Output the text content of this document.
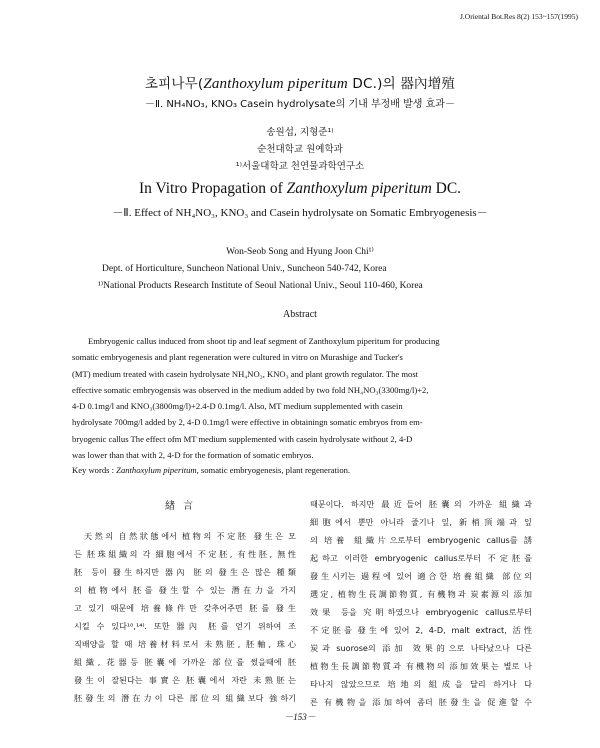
J.Oriental Bot.Res 8(2) 153~157(1995)
초피나무(Zanthoxylum piperitum DC.)의 器內增殖
－Ⅱ. NH₄NO₃, KNO₃ Casein hydrolysate의 기내 부정배 발생 효과－
송원섭, 지형준¹⁾
순천대학교 원예학과
¹⁾서울대학교 천연물과학연구소
In Vitro Propagation of Zanthoxylum piperitum DC.
－Ⅱ. Effect of NH₄NO₃, KNO₃ and Casein hydrolysate on Somatic Embryogenesis－
Won-Seob Song and Hyung Joon Chi¹⁾
Dept. of Horticulture, Suncheon National Univ., Suncheon 540-742, Korea
¹⁾National Products Research Institute of Seoul National Univ., Seoul 110-460, Korea
Abstract
Embryogenic callus induced from shoot tip and leaf segment of Zanthoxylum piperitum for producing
somatic embryogenesis and plant regeneration were cultured in vitro on Murashige and Tucker's
(MT) medium treated with casein hydrolysate NH₄NO₃, KNO₃ and plant growth regulator. The most
effective somatic embryogensis was observed in the medium added by two fold NH₄NO₃(3300mg/l)+2,
4-D 0.1mg/l and KNO₃(3800mg/l)+2.4-D 0.1mg/l. Also, MT medium supplemented with casein
hydrolysate 700mg/l added by 2, 4-D 0.1mg/l were effective in obtainingn somatic embryos from em-
bryogenic callus The effect ofm MT medium supplemented with casein hydrolysate without 2, 4-D
was lower than that with 2, 4-D for the formation of somatic embryos.
Key words : Zanthoxylum piperitum, somatic embryogenesis, plant regeneration.
緖言
天然의 自然狀態에서 植物의 不定胚 發生은 모
든 胚珠組織의 각 細胞에서 不定胚, 有性胚, 無性
胚 등이 發生하지만 器內 胚의 發生은 많은 種類
의 植物에서 胚를 發生할 수 있는 潛在力을 가지
고 있기 때문에 培養條件만 갖추어주면 胚를 發生
시킬 수 있다¹⁰,¹⁴⁾. 또한 器內 胚를 얻기 위하여 조
직배양을 할 때 培養材料로서 未熟胚, 胚軸, 珠心
組織, 花器등 胚囊에 가까운 部位를 썼을때에 胚
發生이 잘된다는 事實은 胚囊에서 자란 未熟胚는
胚發生의 潛在力이 다른 部位의 組織보다 強하기
때문이다. 하지만 最近들어 胚囊의 가까운 組織과
細胞에서 뿐만 아니라 줄기나 잎, 新梢頂端과 잎
의 培養 組織片으로부터 embryogenic callus를 誘
起하고 이러한 embryogenic callus로부터 不定胚를
發生시키는 過程에 있어 適合한 培養組織 部位의
選定, 植物生長調節物質, 有機物과 炭素源의 添加
效果 등을 究明하였으나 embryogenic callus로부터
不定胚를 發生에 있어 2, 4-D, malt extract, 活性
炭과 suorose의 添加 效果的으로 나타났으나 다른
植物生長調節物質과 有機物의 添加效果는 별로 나
타나지 않았으므로 培地의 組成을 달리 하거나 다
른 有機物을 添加하여 좀더 胚發生을 促進할 수
－153－
